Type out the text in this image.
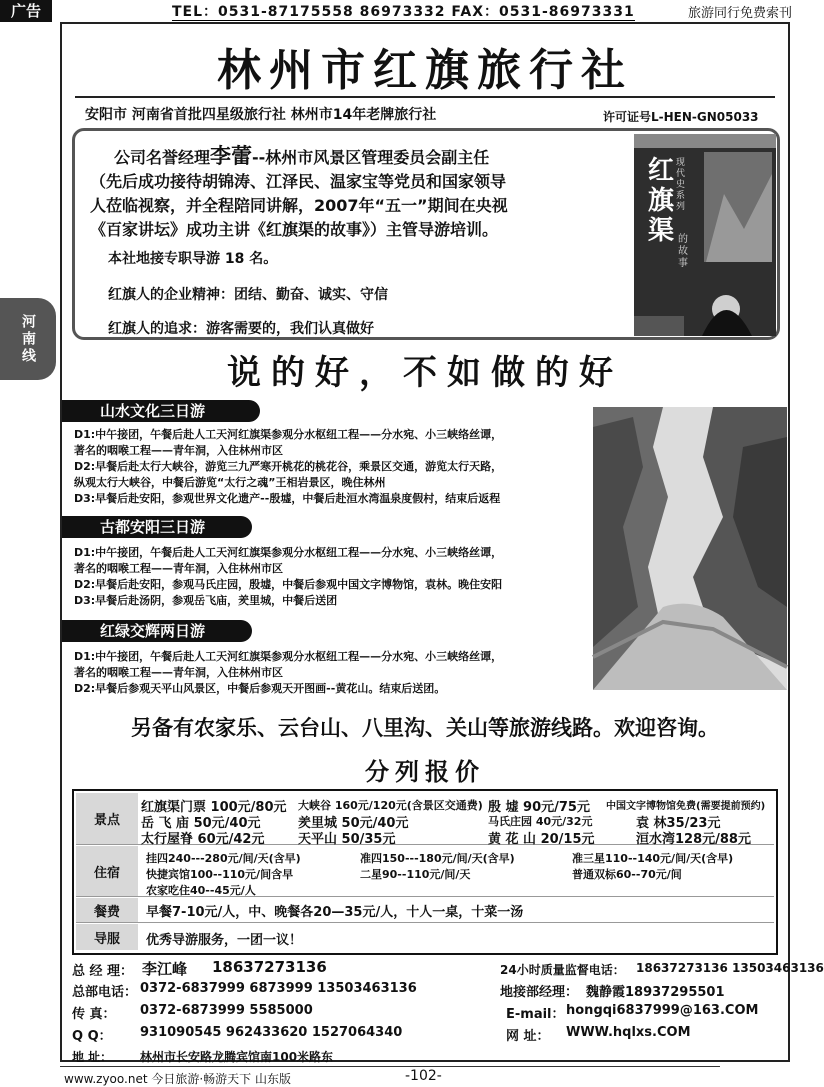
广告	TEL：0531-87175558 86973332 FAX：0531-86973331	旅游同行免费索刊
河南线
林州市红旗旅行社
安阳市 河南省首批四星级旅行社 林州市14年老牌旅行社	许可证号L-HEN-GN05033
公司名誉经理李蕾--林州市风景区管理委员会副主任
（先后成功接待胡锦涛、江泽民、温家宝等党员和国家领导
人莅临视察，并全程陪同讲解，2007年“五一”期间在央视
《百家讲坛》成功主讲《红旗渠的故事》）主管导游培训。
本社地接专职导游 18 名。
红旗人的企业精神：团结、勤奋、诚实、守信
红旗人的追求：游客需要的，我们认真做好
红旗渠
现代史系列
的故事
说的好，不如做的好
山水文化三日游
D1:中午接团，午餐后赴人工天河红旗渠参观分水枢纽工程——分水宛、小三峡络丝谭，
著名的咽喉工程——青年洞，入住林州市区
D2:早餐后赴太行大峡谷，游览三九严寒开桃花的桃花谷，乘景区交通，游览太行天路，
纵观太行大峡谷，中餐后游览“太行之魂”王相岩景区，晚住林州
D3:早餐后赴安阳，参观世界文化遗产--殷墟，中餐后赴洹水湾温泉度假村，结束后返程
古都安阳三日游
D1:中午接团，午餐后赴人工天河红旗渠参观分水枢纽工程——分水宛、小三峡络丝谭，
著名的咽喉工程——青年洞，入住林州市区
D2:早餐后赴安阳，参观马氏庄园，殷墟，中餐后参观中国文字博物馆，袁林。晚住安阳
D3:早餐后赴汤阴，参观岳飞庙，羑里城，中餐后送团
红绿交辉两日游
D1:中午接团，午餐后赴人工天河红旗渠参观分水枢纽工程——分水宛、小三峡络丝谭，
著名的咽喉工程——青年洞，入住林州市区
D2:早餐后参观天平山风景区，中餐后参观天开图画--黄花山。结束后送团。
另备有农家乐、云台山、八里沟、关山等旅游线路。欢迎咨询。
分列报价
景点
红旗渠门票 100元/80元 大峡谷 160元/120元(含景区交通费) 殷 墟 90元/75元 中国文字博物馆免费(需要提前预约)
岳 飞 庙 50元/40元	羑里城 50元/40元	马氏庄园 40元/32元	袁 林35/23元
太行屋脊 60元/42元	天平山 50/35元	黄 花 山 20/15元	洹水湾128元/88元
住宿
挂四240---280元/间/天(含早)	准四150---180元/间/天(含早)	准三星110--140元/间/天(含早)
快捷宾馆100--110元/间含早	二星90--110元/间/天	普通双标60--70元/间
农家吃住40--45元/人
餐费	早餐7-10元/人，中、晚餐各20—35元/人，十人一桌，十菜一汤
导服	优秀导游服务，一团一议！
总 经 理： 李江峰 18637273136	24小时质量监督电话： 18637273136 13503463136
总部电话： 0372-6837999 6873999 13503463136	地接部经理： 魏静霞18937295501
传 真： 0372-6873999 5585000	E-mail： hongqi6837999@163.COM
Q Q： 931090545 962433620 1527064340	网 址： WWW.hqlxs.COM
地 址： 林州市长安路龙腾宾馆南100米路东
www.zyoo.net 今日旅游·畅游天下 山东版	-102-
